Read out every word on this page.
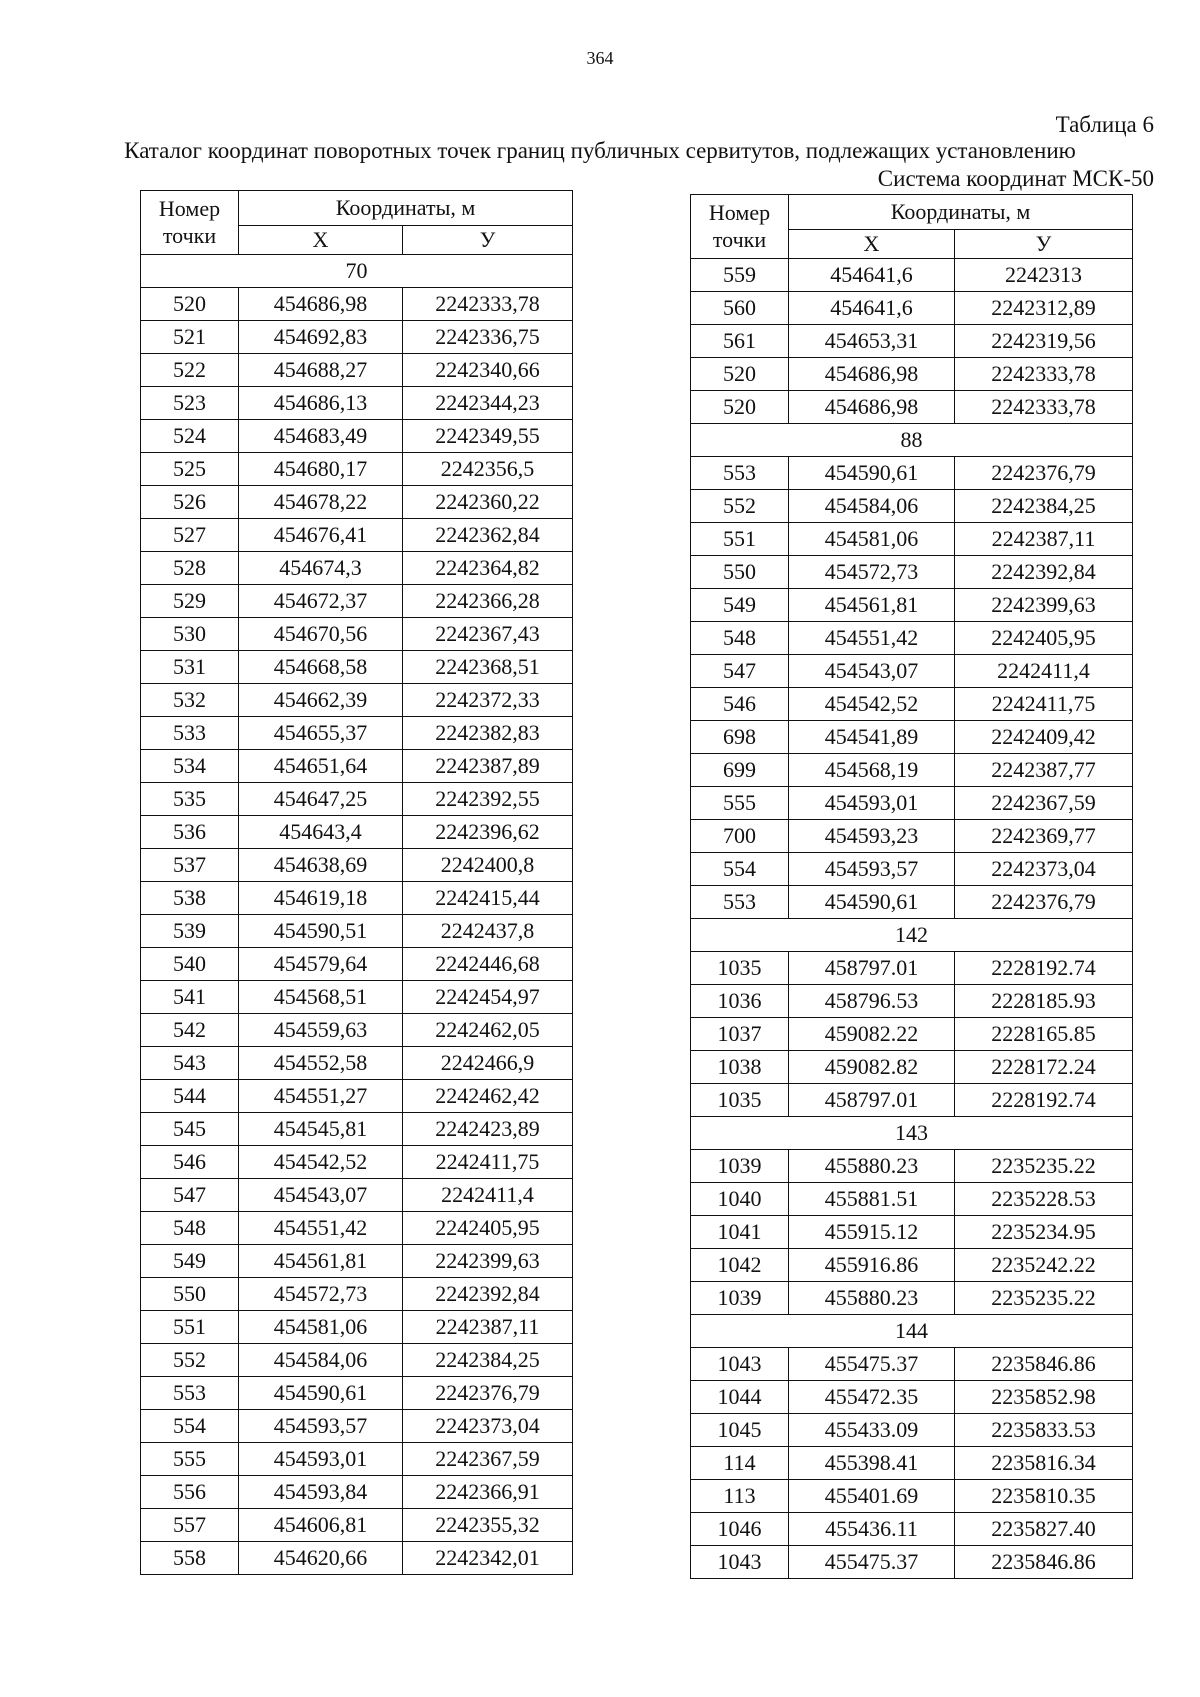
364
Таблица 6
Каталог координат поворотных точек границ публичных сервитутов, подлежащих установлению
Система координат МСК-50
Номер
точки	Координаты, м	
	Х	У
70		
520	454686,98	2242333,78
521	454692,83	2242336,75
522	454688,27	2242340,66
523	454686,13	2242344,23
524	454683,49	2242349,55
525	454680,17	2242356,5
526	454678,22	2242360,22
527	454676,41	2242362,84
528	454674,3	2242364,82
529	454672,37	2242366,28
530	454670,56	2242367,43
531	454668,58	2242368,51
532	454662,39	2242372,33
533	454655,37	2242382,83
534	454651,64	2242387,89
535	454647,25	2242392,55
536	454643,4	2242396,62
537	454638,69	2242400,8
538	454619,18	2242415,44
539	454590,51	2242437,8
540	454579,64	2242446,68
541	454568,51	2242454,97
542	454559,63	2242462,05
543	454552,58	2242466,9
544	454551,27	2242462,42
545	454545,81	2242423,89
546	454542,52	2242411,75
547	454543,07	2242411,4
548	454551,42	2242405,95
549	454561,81	2242399,63
550	454572,73	2242392,84
551	454581,06	2242387,11
552	454584,06	2242384,25
553	454590,61	2242376,79
554	454593,57	2242373,04
555	454593,01	2242367,59
556	454593,84	2242366,91
557	454606,81	2242355,32
558	454620,66	2242342,01
Номер
точки	Координаты, м	
	Х	У
559	454641,6	2242313
560	454641,6	2242312,89
561	454653,31	2242319,56
520	454686,98	2242333,78
520	454686,98	2242333,78
88		
553	454590,61	2242376,79
552	454584,06	2242384,25
551	454581,06	2242387,11
550	454572,73	2242392,84
549	454561,81	2242399,63
548	454551,42	2242405,95
547	454543,07	2242411,4
546	454542,52	2242411,75
698	454541,89	2242409,42
699	454568,19	2242387,77
555	454593,01	2242367,59
700	454593,23	2242369,77
554	454593,57	2242373,04
553	454590,61	2242376,79
142		
1035	458797.01	2228192.74
1036	458796.53	2228185.93
1037	459082.22	2228165.85
1038	459082.82	2228172.24
1035	458797.01	2228192.74
143		
1039	455880.23	2235235.22
1040	455881.51	2235228.53
1041	455915.12	2235234.95
1042	455916.86	2235242.22
1039	455880.23	2235235.22
144		
1043	455475.37	2235846.86
1044	455472.35	2235852.98
1045	455433.09	2235833.53
114	455398.41	2235816.34
113	455401.69	2235810.35
1046	455436.11	2235827.40
1043	455475.37	2235846.86
